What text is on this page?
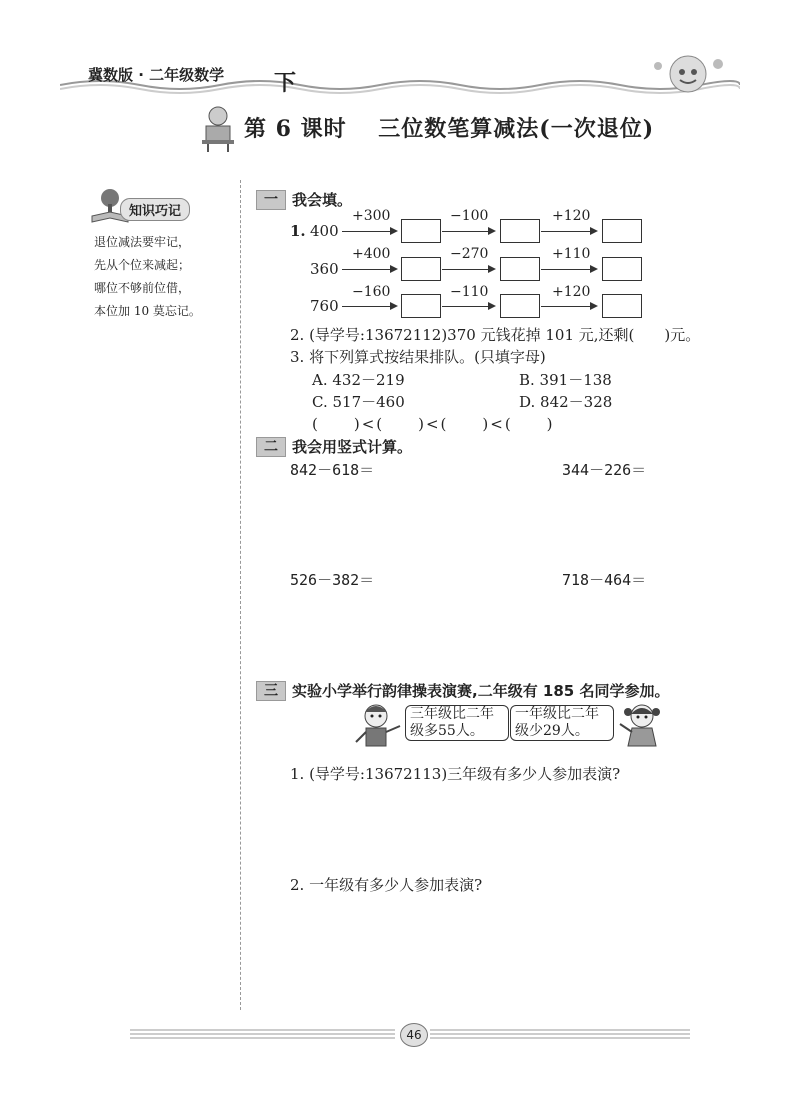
冀数版 · 二年级数学 下
第 6 课时　 三位数笔算减法(一次退位)
知识巧记
退位减法要牢记，
先从个位来减起；
哪位不够前位借，
本位加 10 莫忘记。
一 我会填。
1. 400
+300	−100	+120
360
+400	−270	+110
760
−160	−110	+120
2. (导学号:13672112)370 元钱花掉 101 元,还剩(　　)元。
3. 将下列算式按结果排队。(只填字母)
A. 432－219	B. 391－138
C. 517－460	D. 842－328
(　　)<(　　)<(　　)<(　　)
二 我会用竖式计算。
842－618＝	344－226＝
526－382＝	718－464＝
三 实验小学举行韵律操表演赛,二年级有 185 名同学参加。
三年级比二年
级多55人。
一年级比二年
级少29人。
1. (导学号:13672113)三年级有多少人参加表演?
2. 一年级有多少人参加表演?
46
